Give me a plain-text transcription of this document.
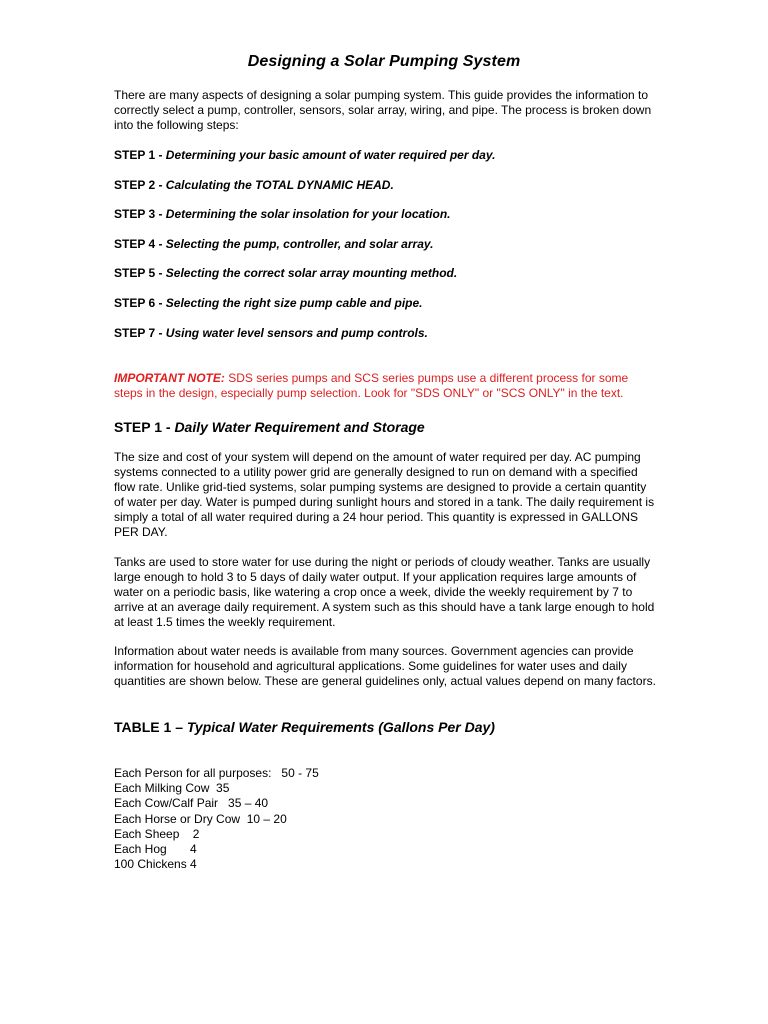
Designing a Solar Pumping System

There are many aspects of designing a solar pumping system. This guide provides the information to correctly select a pump, controller, sensors, solar array, wiring, and pipe. The process is broken down into the following steps:

STEP 1 - Determining your basic amount of water required per day.
STEP 2 - Calculating the TOTAL DYNAMIC HEAD.
STEP 3 - Determining the solar insolation for your location.
STEP 4 - Selecting the pump, controller, and solar array.
STEP 5 - Selecting the correct solar array mounting method.
STEP 6 - Selecting the right size pump cable and pipe.
STEP 7 - Using water level sensors and pump controls.

IMPORTANT NOTE: SDS series pumps and SCS series pumps use a different process for some steps in the design, especially pump selection. Look for "SDS ONLY" or "SCS ONLY" in the text.

STEP 1 - Daily Water Requirement and Storage

The size and cost of your system will depend on the amount of water required per day. AC pumping systems connected to a utility power grid are generally designed to run on demand with a specified flow rate. Unlike grid-tied systems, solar pumping systems are designed to provide a certain quantity of water per day. Water is pumped during sunlight hours and stored in a tank. The daily requirement is simply a total of all water required during a 24 hour period. This quantity is expressed in GALLONS PER DAY.

Tanks are used to store water for use during the night or periods of cloudy weather. Tanks are usually large enough to hold 3 to 5 days of daily water output. If your application requires large amounts of water on a periodic basis, like watering a crop once a week, divide the weekly requirement by 7 to arrive at an average daily requirement. A system such as this should have a tank large enough to hold at least 1.5 times the weekly requirement.

Information about water needs is available from many sources. Government agencies can provide information for household and agricultural applications. Some guidelines for water uses and daily quantities are shown below. These are general guidelines only, actual values depend on many factors.

TABLE 1 – Typical Water Requirements (Gallons Per Day)
Each Person for all purposes:   50 - 75
Each Milking Cow  35
Each Cow/Calf Pair   35 – 40
Each Horse or Dry Cow  10 – 20
Each Sheep    2
Each Hog       4
100 Chickens 4
